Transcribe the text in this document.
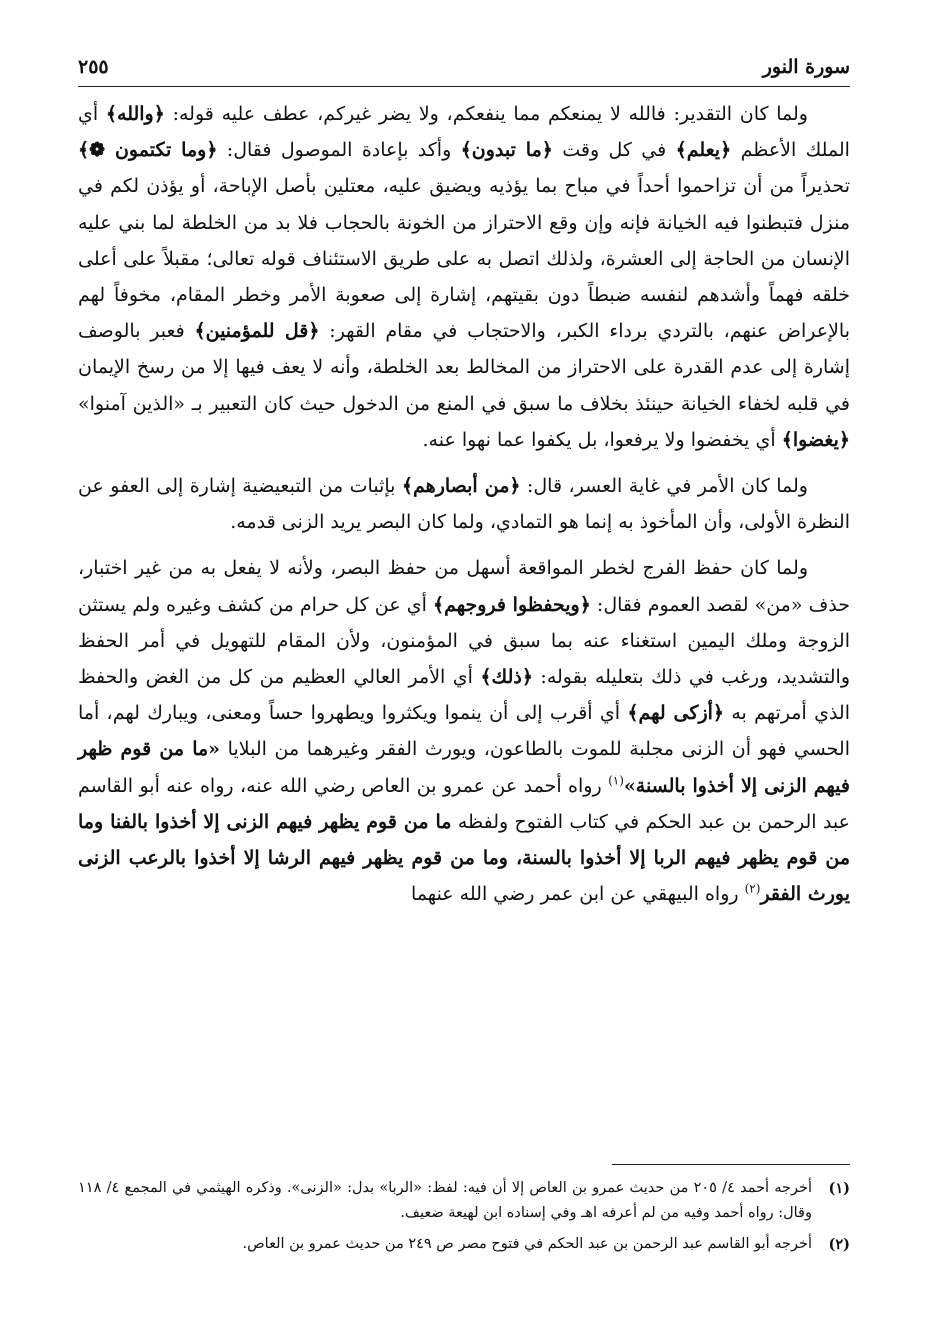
سورة النور
٢٥٥

ولما كان التقدير: فالله لا يمنعكم مما ينفعكم، ولا يضر غيركم، عطف عليه قوله: ﴿والله﴾ أي الملك الأعظم ﴿يعلم﴾ في كل وقت ﴿ما تبدون﴾ وأكد بإعادة الموصول فقال: ﴿وما تكتمون ❁﴾ تحذيراً من أن تزاحموا أحداً في مباح بما يؤذيه ويضيق عليه، معتلين بأصل الإباحة، أو يؤذن لكم في منزل فتبطنوا فيه الخيانة فإنه وإن وقع الاحتراز من الخونة بالحجاب فلا بد من الخلطة لما بني عليه الإنسان من الحاجة إلى العشرة، ولذلك اتصل به على طريق الاستئناف قوله تعالى؛ مقبلاً على أعلى خلقه فهماً وأشدهم لنفسه ضبطاً دون بقيتهم، إشارة إلى صعوبة الأمر وخطر المقام، مخوفاً لهم بالإعراض عنهم، بالتردي برداء الكبر، والاحتجاب في مقام القهر: ﴿قل للمؤمنين﴾ فعبر بالوصف إشارة إلى عدم القدرة على الاحتراز من المخالط بعد الخلطة، وأنه لا يعف فيها إلا من رسخ الإيمان في قلبه لخفاء الخيانة حينئذ بخلاف ما سبق في المنع من الدخول حيث كان التعبير بـ «الذين آمنوا» ﴿يغضوا﴾ أي يخفضوا ولا يرفعوا، بل يكفوا عما نهوا عنه.

ولما كان الأمر في غاية العسر، قال: ﴿من أبصارهم﴾ بإثبات من التبعيضية إشارة إلى العفو عن النظرة الأولى، وأن المأخوذ به إنما هو التمادي، ولما كان البصر يريد الزنى قدمه.

ولما كان حفظ الفرج لخطر المواقعة أسهل من حفظ البصر، ولأنه لا يفعل به من غير اختبار، حذف «من» لقصد العموم فقال: ﴿ويحفظوا فروجهم﴾ أي عن كل حرام من كشف وغيره ولم يستثن الزوجة وملك اليمين استغناء عنه بما سبق في المؤمنون، ولأن المقام للتهويل في أمر الحفظ والتشديد، ورغب في ذلك بتعليله بقوله: ﴿ذلك﴾ أي الأمر العالي العظيم من كل من الغض والحفظ الذي أمرتهم به ﴿أزكى لهم﴾ أي أقرب إلى أن ينموا ويكثروا ويطهروا حساً ومعنى، ويبارك لهم، أما الحسي فهو أن الزنى مجلبة للموت بالطاعون، ويورث الفقر وغيرهما من البلايا «ما من قوم ظهر فيهم الزنى إلا أخذوا بالسنة»$^{(١)}$ رواه أحمد عن عمرو بن العاص رضي الله عنه، رواه عنه أبو القاسم عبد الرحمن بن عبد الحكم في كتاب الفتوح ولفظه ما من قوم يظهر فيهم الزنى إلا أخذوا بالفنا وما من قوم يظهر فيهم الربا إلا أخذوا بالسنة، وما من قوم يظهر فيهم الرشا إلا أخذوا بالرعب الزنى يورث الفقر$^{(٢)}$ رواه البيهقي عن ابن عمر رضي الله عنهما

(١)
أخرجه أحمد ٤/ ٢٠٥ من حديث عمرو بن العاص إلا أن فيه: لفظ: «الربا» بدل: «الزنى». وذكره الهيثمي في المجمع ٤/ ١١٨ وقال: رواه أحمد وفيه من لم أعرفه اهـ وفي إسناده ابن لهيعة ضعيف.

(٢)
أخرجه أبو القاسم عبد الرحمن بن عبد الحكم في فتوح مصر ص ٢٤٩ من حديث عمرو بن العاص.
